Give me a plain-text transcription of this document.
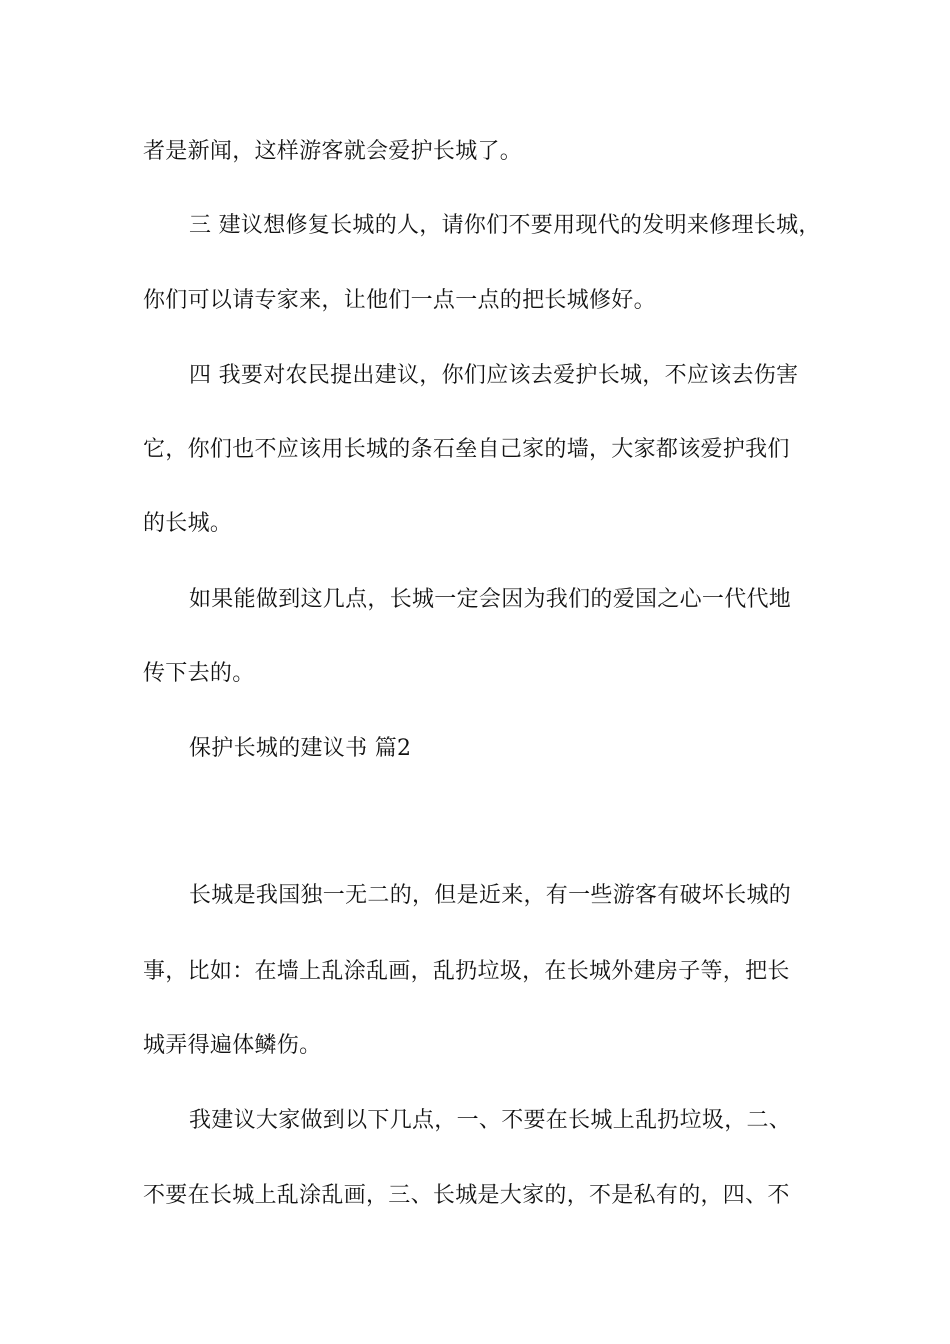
者是新闻，这样游客就会爱护长城了。
三 建议想修复长城的人，请你们不要用现代的发明来修理长城，
你们可以请专家来，让他们一点一点的把长城修好。
四 我要对农民提出建议，你们应该去爱护长城，不应该去伤害
它，你们也不应该用长城的条石垒自己家的墙，大家都该爱护我们
的长城。
如果能做到这几点，长城一定会因为我们的爱国之心一代代地
传下去的。
保护长城的建议书 篇2
长城是我国独一无二的，但是近来，有一些游客有破坏长城的
事，比如：在墙上乱涂乱画，乱扔垃圾，在长城外建房子等，把长
城弄得遍体鳞伤。
我建议大家做到以下几点，一、不要在长城上乱扔垃圾，二、
不要在长城上乱涂乱画，三、长城是大家的，不是私有的，四、不
